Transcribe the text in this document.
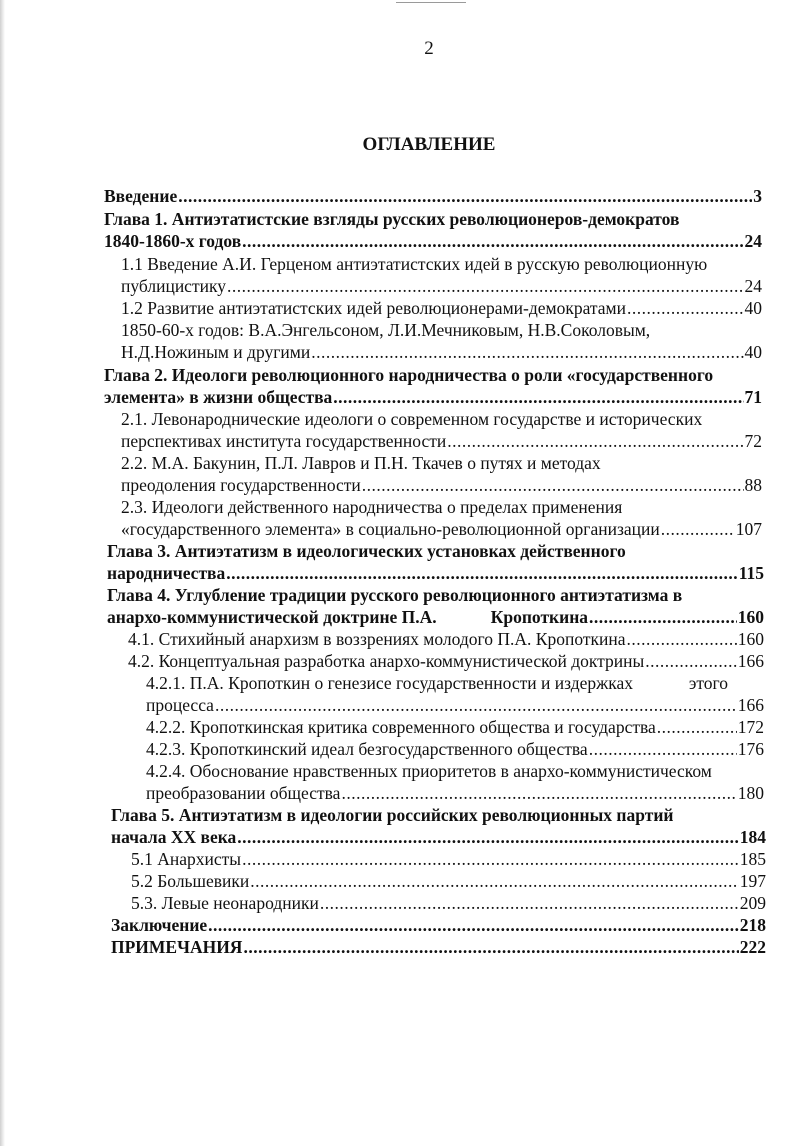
2
ОГЛАВЛЕНИЕ
Введение .....	3
Глава 1. Антиэтатистские взгляды русских революционеров-демократов
1840-1860-х годов .....	24
1.1 Введение А.И. Герценом антиэтатистских идей в русскую революционную
публицистику .....	24
1.2 Развитие антиэтатистских идей революционерами-демократами .....	40
1850-60-х годов: В.А.Энгельсоном, Л.И.Мечниковым, Н.В.Соколовым,
Н.Д.Ножиным и другими .....	40
Глава 2. Идеологи революционного народничества о роли «государственного
элемента» в жизни общества .....	71
2.1. Левонароднические идеологи о современном государстве и исторических
перспективах института государственности .....	72
2.2. М.А. Бакунин, П.Л. Лавров и П.Н. Ткачев о путях и методах
преодоления государственности .....	88
2.3. Идеологи действенного народничества о пределах применения
«государственного элемента» в социально-революционной организации .....	107
Глава 3. Антиэтатизм в идеологических установках действенного
народничества .....	115
Глава 4. Углубление традиции русского революционного антиэтатизма в
анархо-коммунистической доктрине П.А.	Кропоткина .....	160
4.1. Стихийный анархизм в воззрениях молодого П.А. Кропоткина .....	160
4.2. Концептуальная разработка анархо-коммунистической доктрины .....	166
4.2.1. П.А. Кропоткин о генезисе государственности и издержках	этого
процесса .....	166
4.2.2. Кропоткинская критика современного общества и государства .....	172
4.2.3. Кропоткинский идеал безгосударственного общества .....	176
4.2.4. Обоснование нравственных приоритетов в анархо-коммунистическом
преобразовании общества .....	180
Глава 5. Антиэтатизм в идеологии российских революционных партий
начала XX века .....	184
5.1 Анархисты .....	185
5.2 Большевики .....	197
5.3. Левые неонародники .....	209
Заключение .....	218
ПРИМЕЧАНИЯ .....	222
